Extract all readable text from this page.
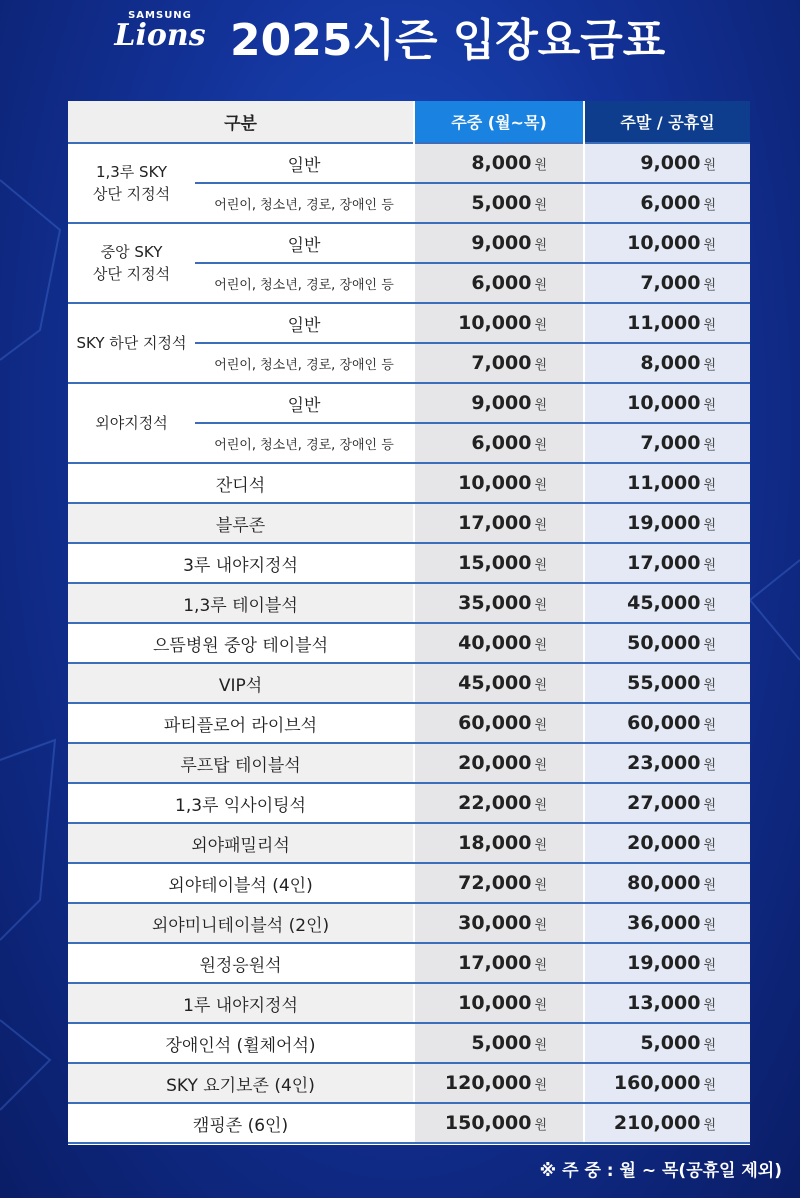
SAMSUNG
Lions 2025시즌 입장요금표
구분	주중 (월~목)	주말 / 공휴일
1,3루 SKY
상단 지정석
일반	8,000 원	9,000 원
어린이, 청소년, 경로, 장애인 등	5,000 원	6,000 원
중앙 SKY
상단 지정석
일반	9,000 원	10,000 원
어린이, 청소년, 경로, 장애인 등	6,000 원	7,000 원
SKY 하단 지정석
일반	10,000 원	11,000 원
어린이, 청소년, 경로, 장애인 등	7,000 원	8,000 원
외야지정석
일반	9,000 원	10,000 원
어린이, 청소년, 경로, 장애인 등	6,000 원	7,000 원
잔디석	10,000 원	11,000 원
블루존	17,000 원	19,000 원
3루 내야지정석	15,000 원	17,000 원
1,3루 테이블석	35,000 원	45,000 원
으뜸병원 중앙 테이블석	40,000 원	50,000 원
VIP석	45,000 원	55,000 원
파티플로어 라이브석	60,000 원	60,000 원
루프탑 테이블석	20,000 원	23,000 원
1,3루 익사이팅석	22,000 원	27,000 원
외야패밀리석	18,000 원	20,000 원
외야테이블석 (4인)	72,000 원	80,000 원
외야미니테이블석 (2인)	30,000 원	36,000 원
원정응원석	17,000 원	19,000 원
1루 내야지정석	10,000 원	13,000 원
장애인석 (휠체어석)	5,000 원	5,000 원
SKY 요기보존 (4인)	120,000 원	160,000 원
캠핑존 (6인)	150,000 원	210,000 원
※ 주 중 : 월 ~ 목(공휴일 제외)
